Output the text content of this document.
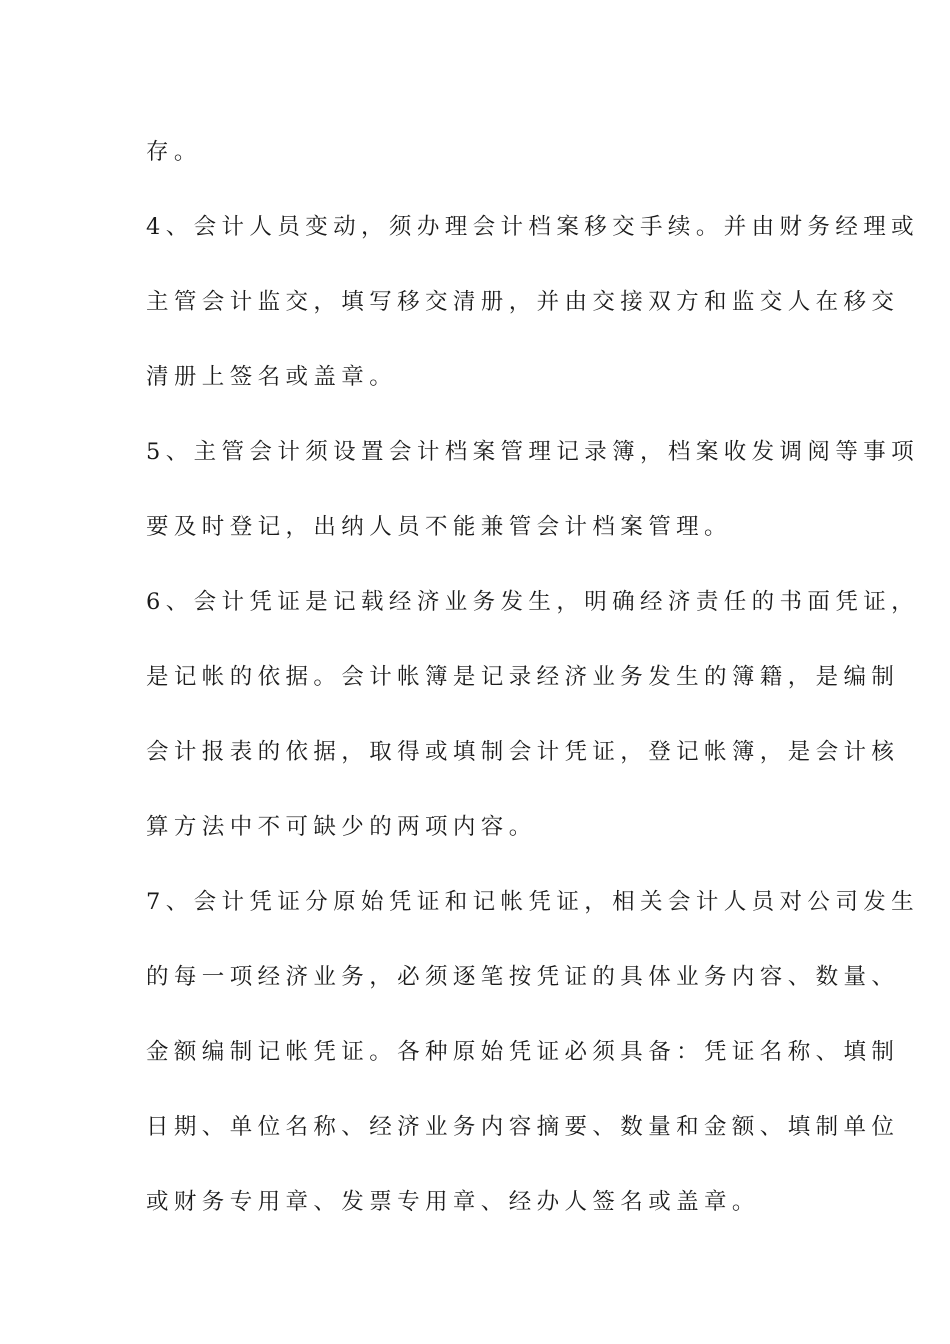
存。
4、会计人员变动，须办理会计档案移交手续。并由财务经理或
主管会计监交，填写移交清册，并由交接双方和监交人在移交
清册上签名或盖章。
5、主管会计须设置会计档案管理记录簿，档案收发调阅等事项
要及时登记，出纳人员不能兼管会计档案管理。
6、会计凭证是记载经济业务发生，明确经济责任的书面凭证，
是记帐的依据。会计帐簿是记录经济业务发生的簿籍，是编制
会计报表的依据，取得或填制会计凭证，登记帐簿，是会计核
算方法中不可缺少的两项内容。
7、会计凭证分原始凭证和记帐凭证，相关会计人员对公司发生
的每一项经济业务，必须逐笔按凭证的具体业务内容、数量、
金额编制记帐凭证。各种原始凭证必须具备：凭证名称、填制
日期、单位名称、经济业务内容摘要、数量和金额、填制单位
或财务专用章、发票专用章、经办人签名或盖章。
